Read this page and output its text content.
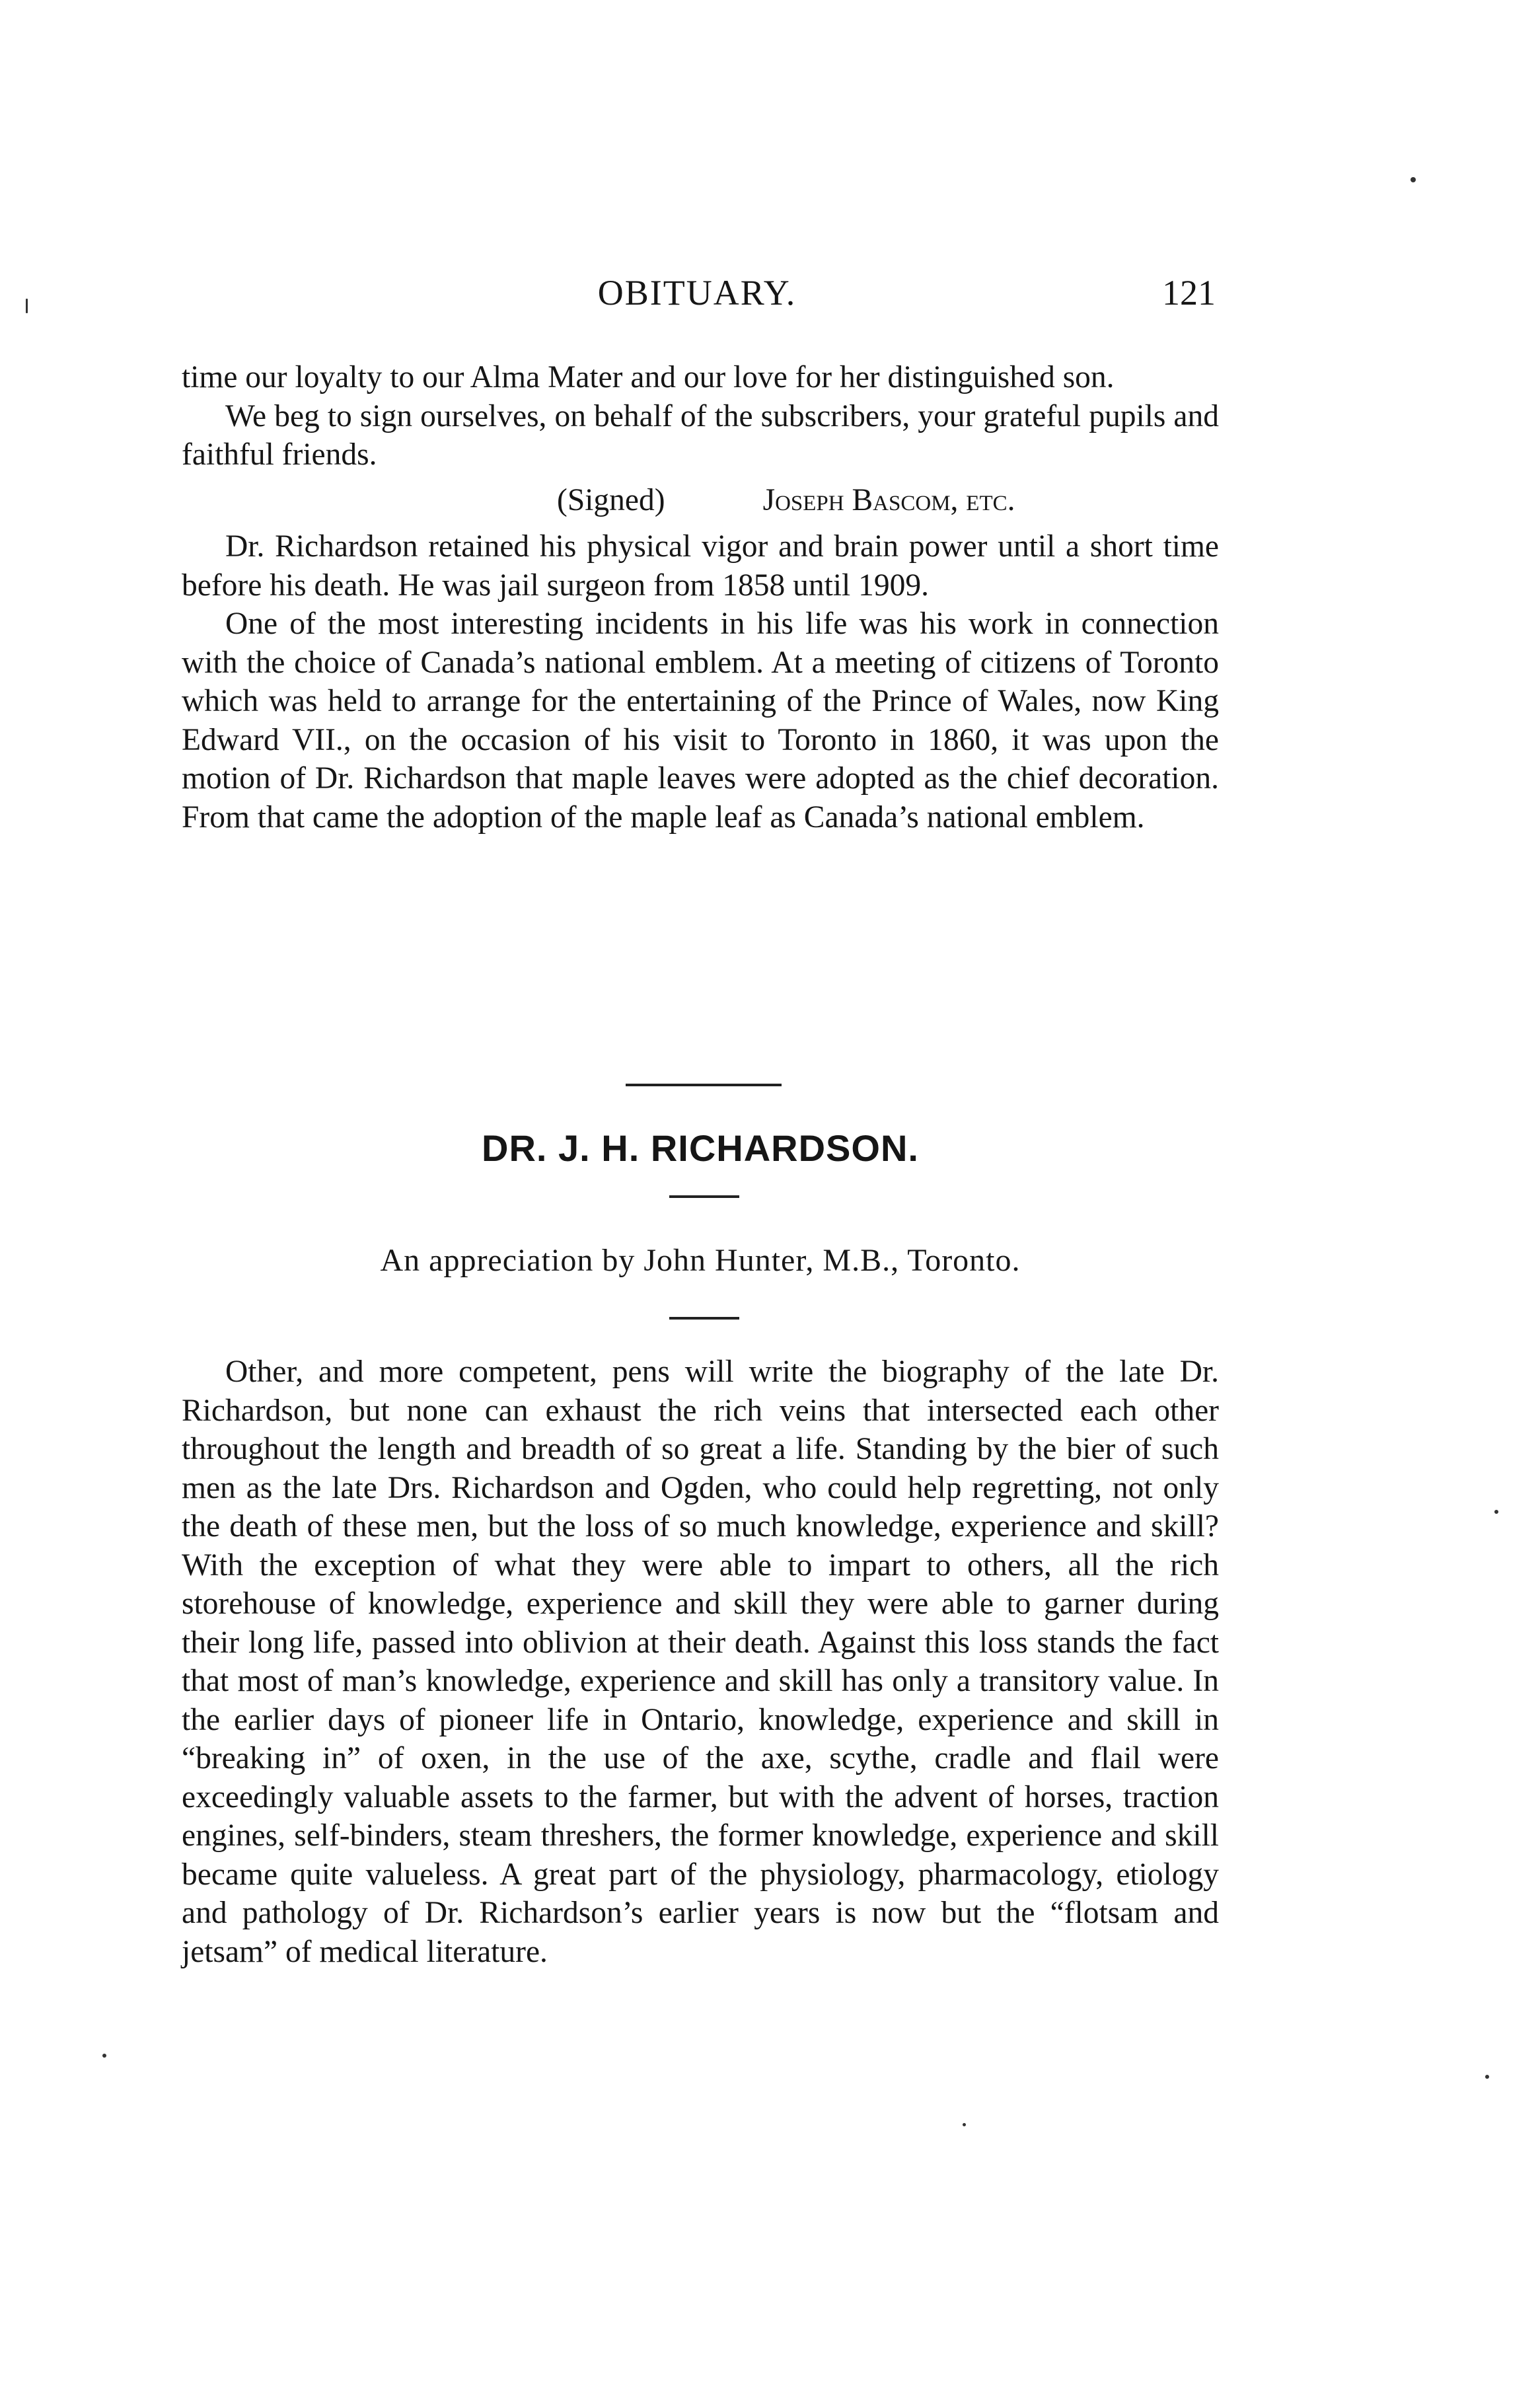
OBITUARY.	121

time our loyalty to our Alma Mater and our love for her distinguished son.

We beg to sign ourselves, on behalf of the subscribers, your grateful pupils and faithful friends.

(Signed)	Joseph Bascom, etc.

Dr. Richardson retained his physical vigor and brain power until a short time before his death. He was jail surgeon from 1858 until 1909.

One of the most interesting incidents in his life was his work in connection with the choice of Canada’s national emblem. At a meeting of citizens of Toronto which was held to arrange for the entertaining of the Prince of Wales, now King Edward VII., on the occasion of his visit to Toronto in 1860, it was upon the motion of Dr. Richardson that maple leaves were adopted as the chief decoration. From that came the adoption of the maple leaf as Canada’s national emblem.

DR. J. H. RICHARDSON.
An appreciation by John Hunter, M.B., Toronto.

Other, and more competent, pens will write the biography of the late Dr. Richardson, but none can exhaust the rich veins that intersected each other throughout the length and breadth of so great a life. Standing by the bier of such men as the late Drs. Richardson and Ogden, who could help regretting, not only the death of these men, but the loss of so much knowledge, experience and skill? With the exception of what they were able to impart to others, all the rich storehouse of knowledge, experience and skill they were able to garner during their long life, passed into oblivion at their death. Against this loss stands the fact that most of man’s knowledge, experience and skill has only a transitory value. In the earlier days of pioneer life in Ontario, knowledge, experience and skill in “breaking in” of oxen, in the use of the axe, scythe, cradle and flail were exceedingly valuable assets to the farmer, but with the advent of horses, traction engines, self-binders, steam threshers, the former knowledge, experience and skill became quite valueless. A great part of the physiology, pharmacology, etiology and pathology of Dr. Richardson’s earlier years is now but the “flotsam and jetsam” of medical literature.
